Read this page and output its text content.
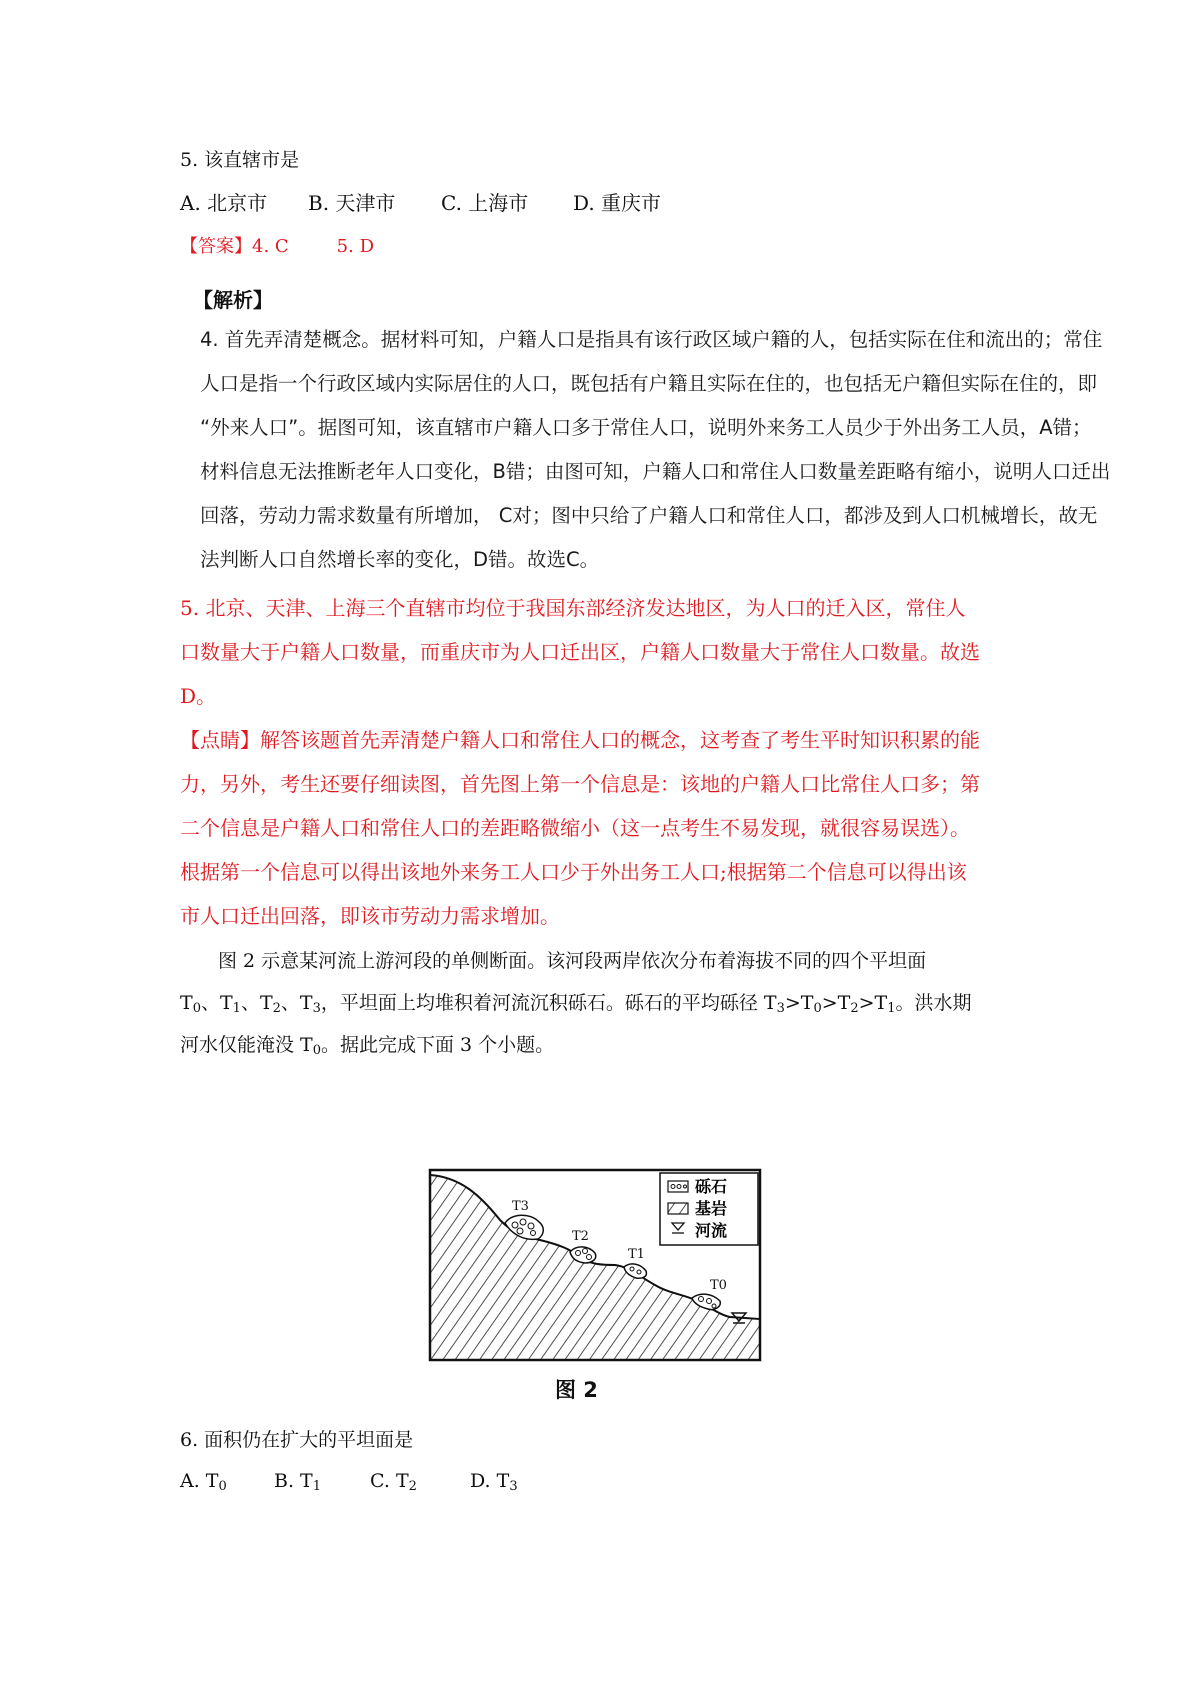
5. 该直辖市是
A. 北京市 B. 天津市 C. 上海市 D. 重庆市
【答案】4. C	5. D
【解析】
4. 首先弄清楚概念。据材料可知，户籍人口是指具有该行政区域户籍的人，包括实际在住和流出的；常住
人口是指一个行政区域内实际居住的人口，既包括有户籍且实际在住的，也包括无户籍但实际在住的，即
“外来人口”。据图可知，该直辖市户籍人口多于常住人口，说明外来务工人员少于外出务工人员，A错；
材料信息无法推断老年人口变化，B错；由图可知，户籍人口和常住人口数量差距略有缩小，说明人口迁出
回落，劳动力需求数量有所增加， C对；图中只给了户籍人口和常住人口，都涉及到人口机械增长，故无
法判断人口自然增长率的变化，D错。故选C。
5. 北京、天津、上海三个直辖市均位于我国东部经济发达地区，为人口的迁入区，常住人
口数量大于户籍人口数量，而重庆市为人口迁出区，户籍人口数量大于常住人口数量。故选
D。
【点睛】解答该题首先弄清楚户籍人口和常住人口的概念，这考查了考生平时知识积累的能
力，另外，考生还要仔细读图，首先图上第一个信息是：该地的户籍人口比常住人口多；第
二个信息是户籍人口和常住人口的差距略微缩小（这一点考生不易发现，就很容易误选）。
根据第一个信息可以得出该地外来务工人口少于外出务工人口;根据第二个信息可以得出该
市人口迁出回落，即该市劳动力需求增加。
图 2 示意某河流上游河段的单侧断面。该河段两岸依次分布着海拔不同的四个平坦面
$T_0$、$T_1$、$T_2$、$T_3$，平坦面上均堆积着河流沉积砾石。砾石的平均砾径 $T_3>T_0>T_2>T_1$。洪水期
河水仅能淹没 $T_0$。据此完成下面 3 个小题。
T3
T2
T1
T0
砾石
基岩
河流
图 2
6. 面积仍在扩大的平坦面是
A. $T_0$ B. $T_1$	C. $T_2$	D. $T_3$
